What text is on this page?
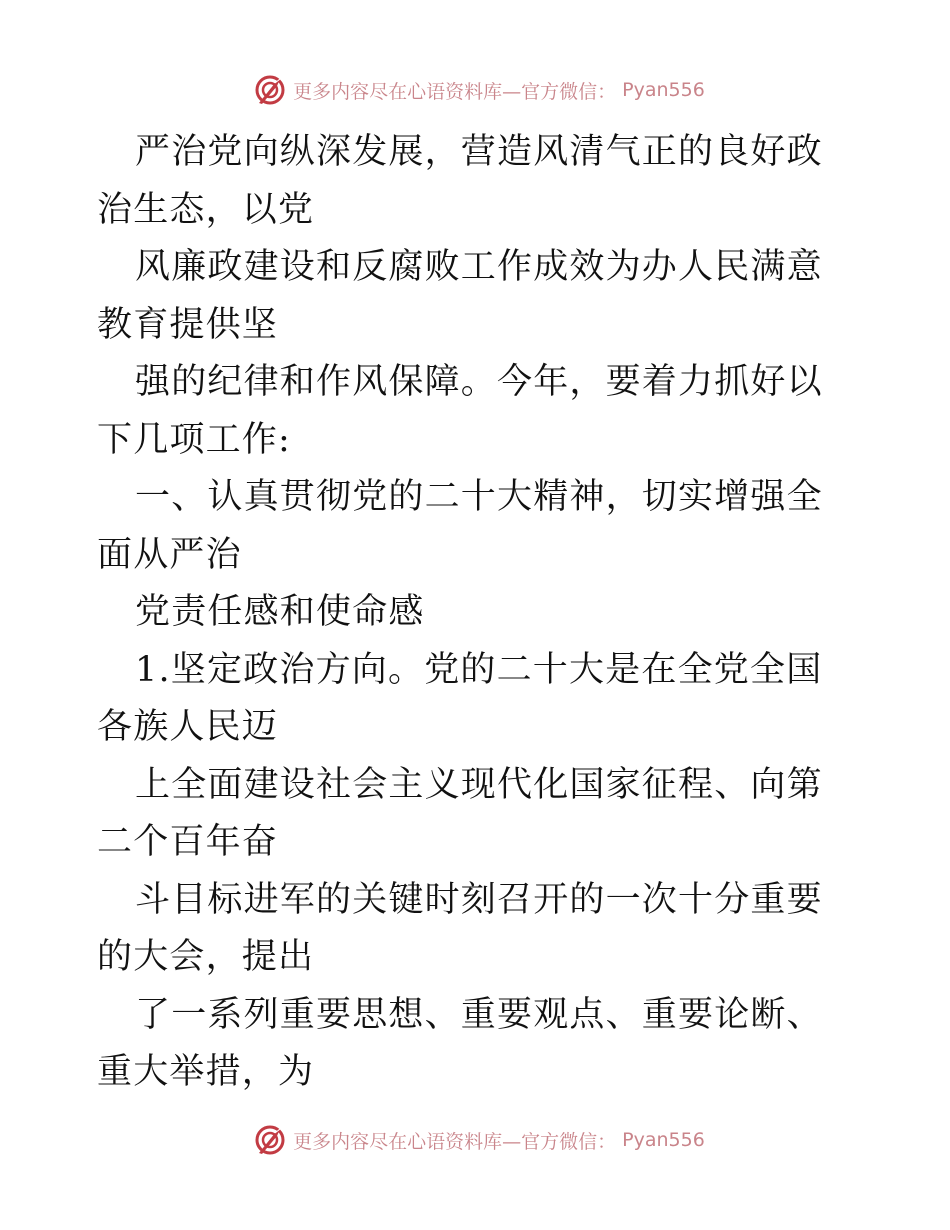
更多内容尽在心语资料库—官方微信： Pyan556

严治党向纵深发展，营造风清气正的良好政治生态，以党

风廉政建设和反腐败工作成效为办人民满意教育提供坚

强的纪律和作风保障。今年，要着力抓好以下几项工作:

一、认真贯彻党的二十大精神，切实增强全面从严治

党责任感和使命感

1.坚定政治方向。党的二十大是在全党全国各族人民迈

上全面建设社会主义现代化国家征程、向第二个百年奋

斗目标进军的关键时刻召开的一次十分重要的大会，提出

了一系列重要思想、重要观点、重要论断、重大举措，为

更多内容尽在心语资料库—官方微信： Pyan556
